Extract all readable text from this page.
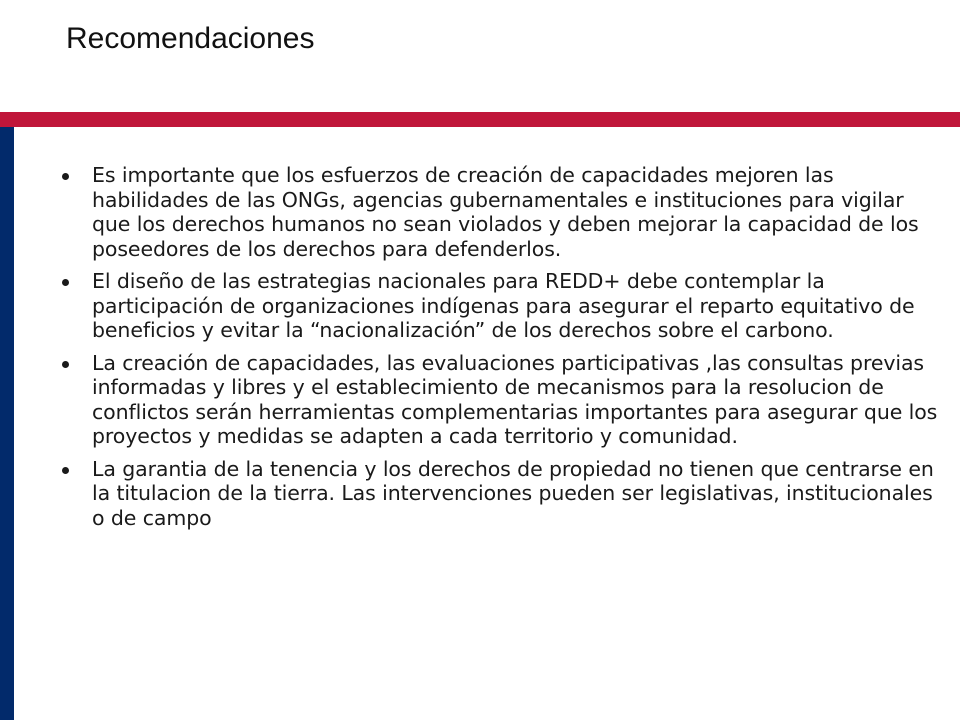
Recomendaciones
Es importante que los esfuerzos de creación de capacidades mejoren las habilidades de las ONGs, agencias gubernamentales e instituciones para vigilar que los derechos humanos no sean violados y deben mejorar la capacidad de los poseedores de los derechos para defenderlos.
El diseño de las estrategias nacionales para REDD+ debe contemplar la participación de organizaciones indígenas para asegurar el reparto equitativo de beneficios y evitar la “nacionalización” de los derechos sobre el carbono.
La creación de capacidades, las evaluaciones participativas ,las consultas previas informadas y libres y el establecimiento de mecanismos para la resolucion de conflictos serán herramientas complementarias importantes para asegurar que los proyectos y medidas se adapten a cada territorio y comunidad.
La garantia de la tenencia y los derechos de propiedad no tienen que centrarse en la titulacion de la tierra. Las intervenciones pueden ser legislativas, institucionales o de campo
